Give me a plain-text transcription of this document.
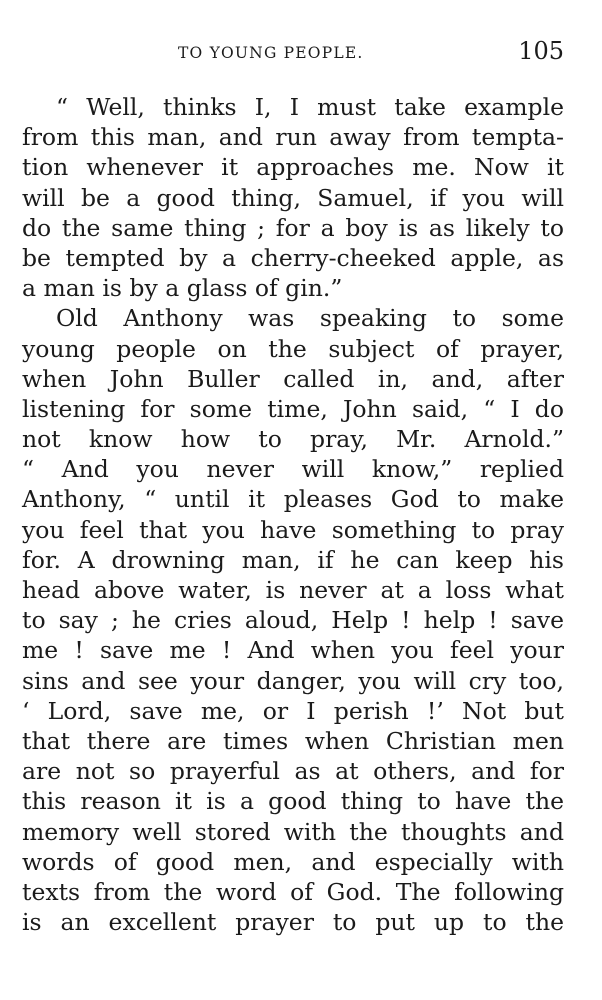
TO YOUNG PEOPLE.	105
“ Well, thinks I, I must take example
from this man, and run away from tempta-
tion whenever it approaches me. Now it
will be a good thing, Samuel, if you will
do the same thing ; for a boy is as likely to
be tempted by a cherry-cheeked apple, as
a man is by a glass of gin.”
Old Anthony was speaking to some
young people on the subject of prayer,
when John Buller called in, and, after
listening for some time, John said, “ I do
not know how to pray, Mr. Arnold.”
“ And you never will know,” replied
Anthony, “ until it pleases God to make
you feel that you have something to pray
for. A drowning man, if he can keep his
head above water, is never at a loss what
to say ; he cries aloud, Help ! help ! save
me ! save me ! And when you feel your
sins and see your danger, you will cry too,
‘ Lord, save me, or I perish !’ Not but
that there are times when Christian men
are not so prayerful as at others, and for
this reason it is a good thing to have the
memory well stored with the thoughts and
words of good men, and especially with
texts from the word of God. The following
is an excellent prayer to put up to the
